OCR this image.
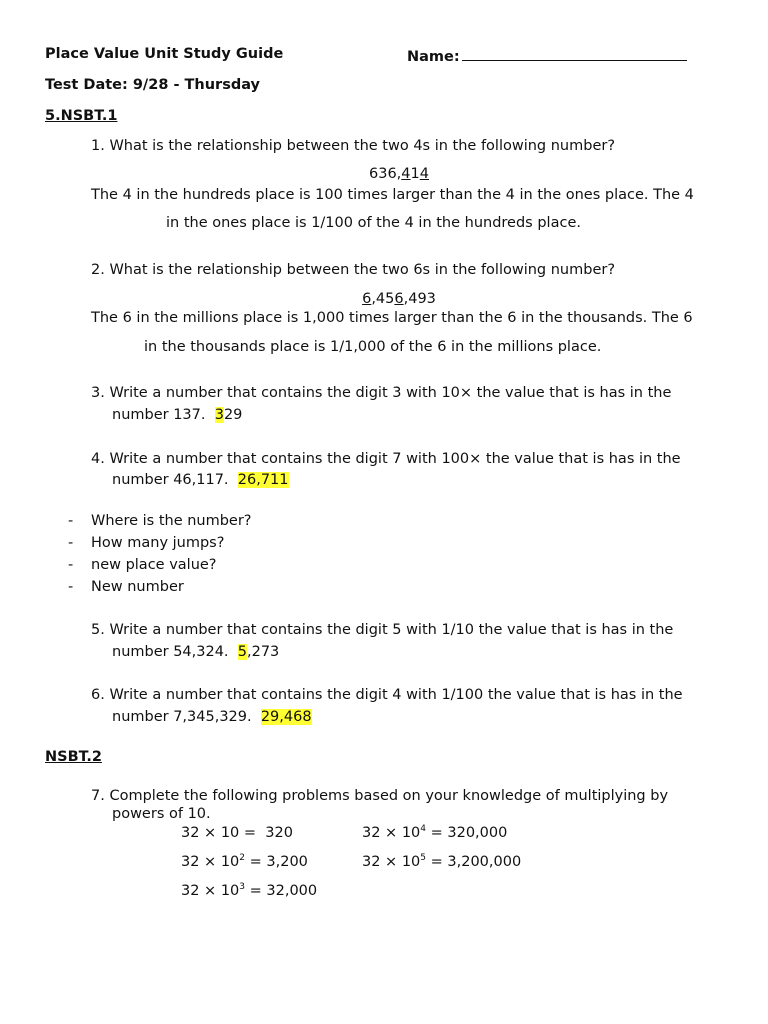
Place Value Unit Study Guide	Name:
Test Date: 9/28 - Thursday
5.NSBT.1
1. What is the relationship between the two 4s in the following number?
636,414
The 4 in the hundreds place is 100 times larger than the 4 in the ones place. The 4
in the ones place is 1/100 of the 4 in the hundreds place.
2. What is the relationship between the two 6s in the following number?
6,456,493
The 6 in the millions place is 1,000 times larger than the 6 in the thousands. The 6
in the thousands place is 1/1,000 of the 6 in the millions place.
3. Write a number that contains the digit 3 with 10× the value that is has in the
number 137. 329
4. Write a number that contains the digit 7 with 100× the value that is has in the
number 46,117. 26,711
- Where is the number?
- How many jumps?
- new place value?
- New number
5. Write a number that contains the digit 5 with 1/10 the value that is has in the
number 54,324. 5,273
6. Write a number that contains the digit 4 with 1/100 the value that is has in the
number 7,345,329. 29,468
NSBT.2
7. Complete the following problems based on your knowledge of multiplying by
powers of 10.
32 × 10 =  320
$32 \times 10^2 = 3,200$
$32 \times 10^3 = 32,000$
$32 \times 10^4 = 320,000$
$32 \times 10^5 = 3,200,000$
